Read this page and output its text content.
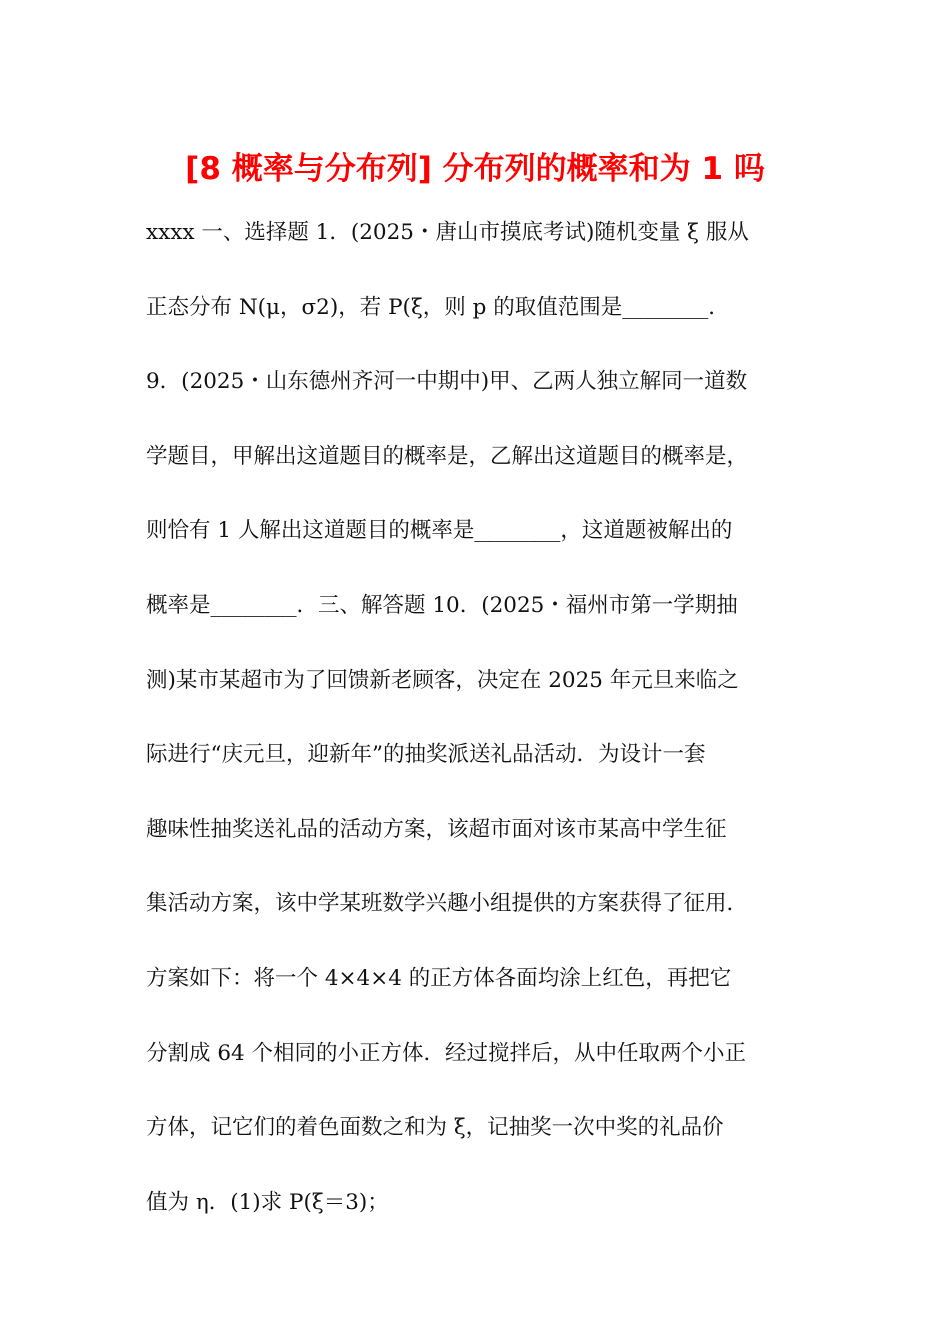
[8 概率与分布列] 分布列的概率和为 1 吗
xxxx 一、选择题 1．(2025・唐山市摸底考试)随机变量 ξ 服从
正态分布 N(μ，σ2)，若 P(ξ，则 p 的取值范围是________．
9．(2025・山东德州齐河一中期中)甲、乙两人独立解同一道数
学题目，甲解出这道题目的概率是，乙解出这道题目的概率是，
则恰有 1 人解出这道题目的概率是________，这道题被解出的
概率是________．三、解答题 10．(2025・福州市第一学期抽
测)某市某超市为了回馈新老顾客，决定在 2025 年元旦来临之
际进行“庆元旦，迎新年”的抽奖派送礼品活动．为设计一套
趣味性抽奖送礼品的活动方案，该超市面对该市某高中学生征
集活动方案，该中学某班数学兴趣小组提供的方案获得了征用．
方案如下：将一个 4×4×4 的正方体各面均涂上红色，再把它
分割成 64 个相同的小正方体．经过搅拌后，从中任取两个小正
方体，记它们的着色面数之和为 ξ，记抽奖一次中奖的礼品价
值为 η．(1)求 P(ξ＝3)；
